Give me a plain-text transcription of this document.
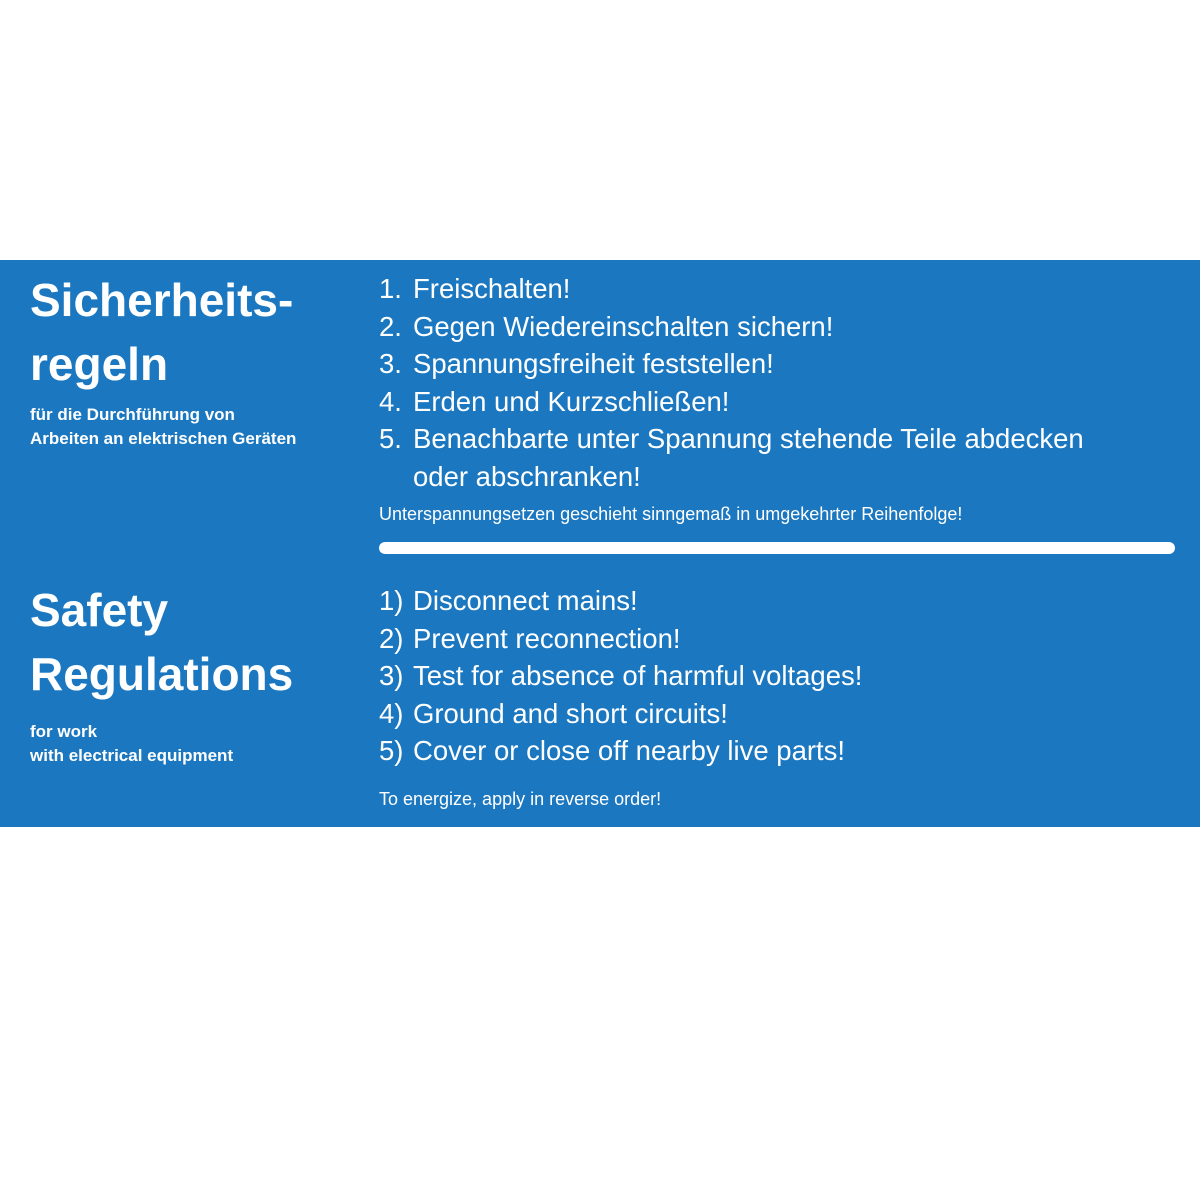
Sicherheits-
regeln

für die Durchführung von
Arbeiten an elektrischen Geräten

1. Freischalten!
2. Gegen Wiedereinschalten sichern!
3. Spannungsfreiheit feststellen!
4. Erden und Kurzschließen!
5. Benachbarte unter Spannung stehende Teile abdecken
oder abschranken!

Unterspannungsetzen geschieht sinngemaß in umgekehrter Reihenfolge!

Safety
Regulations

for work
with electrical equipment

1) Disconnect mains!
2) Prevent reconnection!
3) Test for absence of harmful voltages!
4) Ground and short circuits!
5) Cover or close off nearby live parts!

To energize, apply in reverse order!
